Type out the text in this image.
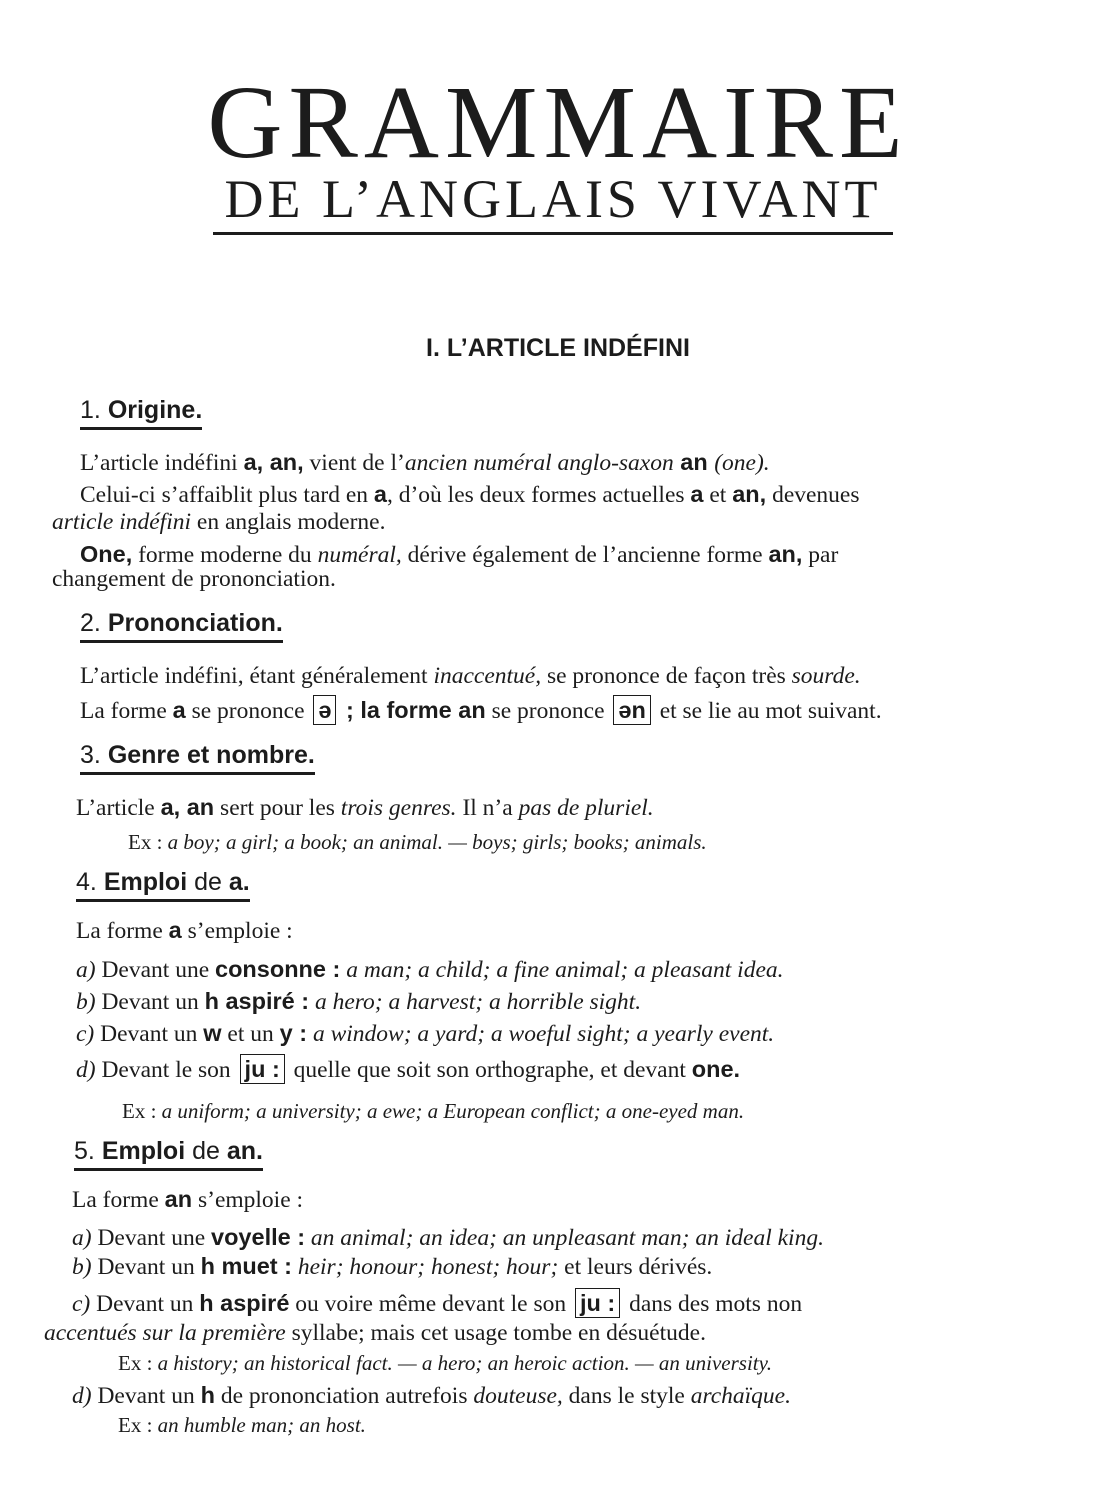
GRAMMAIRE
DE L’ANGLAIS VIVANT
I. L’ARTICLE INDÉFINI
1. Origine.
L’article indéfini a, an, vient de l’ancien numéral anglo-saxon an (one).
Celui-ci s’affaiblit plus tard en a, d’où les deux formes actuelles a et an, devenues
article indéfini en anglais moderne.
One, forme moderne du numéral, dérive également de l’ancienne forme an, par
changement de prononciation.
2. Prononciation.
L’article indéfini, étant généralement inaccentué, se prononce de façon très sourde.
La forme a se prononce ə ; la forme an se prononce ən et se lie au mot suivant.
3. Genre et nombre.
L’article a, an sert pour les trois genres. Il n’a pas de pluriel.
Ex : a boy; a girl; a book; an animal. — boys; girls; books; animals.
4. Emploi de a.
La forme a s’emploie :
a) Devant une consonne : a man; a child; a fine animal; a pleasant idea.
b) Devant un h aspiré : a hero; a harvest; a horrible sight.
c) Devant un w et un y : a window; a yard; a woeful sight; a yearly event.
d) Devant le son ju : quelle que soit son orthographe, et devant one.
Ex : a uniform; a university; a ewe; a European conflict; a one-eyed man.
5. Emploi de an.
La forme an s’emploie :
a) Devant une voyelle : an animal; an idea; an unpleasant man; an ideal king.
b) Devant un h muet : heir; honour; honest; hour; et leurs dérivés.
c) Devant un h aspiré ou voire même devant le son ju : dans des mots non
accentués sur la première syllabe; mais cet usage tombe en désuétude.
Ex : a history; an historical fact. — a hero; an heroic action. — an university.
d) Devant un h de prononciation autrefois douteuse, dans le style archaïque.
Ex : an humble man; an host.
